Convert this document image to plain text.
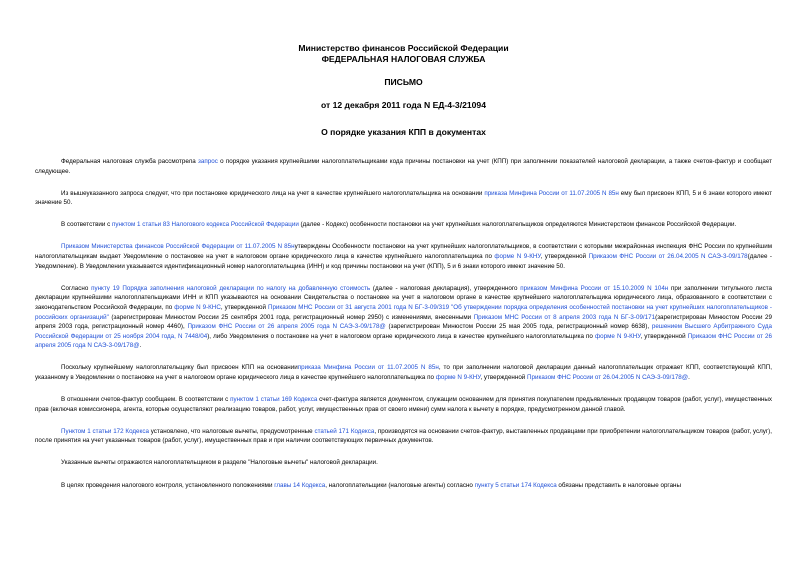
Министерство финансов Российской Федерации
ФЕДЕРАЛЬНАЯ НАЛОГОВАЯ СЛУЖБА
ПИСЬМО
от 12 декабря 2011 года N ЕД-4-3/21094
О порядке указания КПП в документах

Федеральная налоговая служба рассмотрела запрос о порядке указания крупнейшими налогоплательщиками кода причины постановки на учет (КПП) при заполнении показателей налоговой декларации, а также счетов-фактур и сообщает следующее.

Из вышеуказанного запроса следует, что при постановке юридического лица на учет в качестве крупнейшего налогоплательщика на основании приказа Минфина России от 11.07.2005 N 85н ему был присвоен КПП, 5 и 6 знаки которого имеют значение 50.

В соответствии с пунктом 1 статьи 83 Налогового кодекса Российской Федерации (далее - Кодекс) особенности постановки на учет крупнейших налогоплательщиков определяются Министерством финансов Российской Федерации.

Приказом Министерства финансов Российской Федерации от 11.07.2005 N 85нутверждены Особенности постановки на учет крупнейших налогоплательщиков, в соответствии с которыми межрайонная инспекция ФНС России по крупнейшим налогоплательщикам выдает Уведомление о постановке на учет в налоговом органе юридического лица в качестве крупнейшего налогоплательщика по форме N 9-КНУ, утвержденной Приказом ФНС России от 26.04.2005 N САЭ-3-09/178(далее - Уведомление). В Уведомлении указывается идентификационный номер налогоплательщика (ИНН) и код причины постановки на учет (КПП), 5 и 6 знаки которого имеют значение 50.

Согласно пункту 19 Порядка заполнения налоговой декларации по налогу на добавленную стоимость (далее - налоговая декларация), утвержденного приказом Минфина России от 15.10.2009 N 104н при заполнении титульного листа декларации крупнейшими налогоплательщиками ИНН и КПП указываются на основании Свидетельства о постановке на учет в налоговом органе в качестве крупнейшего налогоплательщика юридического лица, образованного в соответствии с законодательством Российской Федерации, по форме N 9-КНС, утвержденной Приказом МНС России от 31 августа 2001 года N БГ-3-09/319 "Об утверждении порядка определения особенностей постановки на учет крупнейших налогоплательщиков - российских организаций" (зарегистрирован Минюстом России 25 сентября 2001 года, регистрационный номер 2950) с изменениями, внесенными Приказом МНС России от 8 апреля 2003 года N БГ-3-09/171(зарегистрирован Минюстом России 29 апреля 2003 года, регистрационный номер 4460), Приказом ФНС России от 26 апреля 2005 года N САЭ-3-09/178@ (зарегистрирован Минюстом России 25 мая 2005 года, регистрационный номер 6638), решением Высшего Арбитражного Суда Российской Федерации от 25 ноября 2004 года, N 7448/04), либо Уведомления о постановке на учет в налоговом органе юридического лица в качестве крупнейшего налогоплательщика по форме N 9-КНУ, утвержденной Приказом ФНС России от 26 апреля 2005 года N САЭ-3-09/178@.

Поскольку крупнейшему налогоплательщику был присвоен КПП на основанииприказа Минфина России от 11.07.2005 N 85н, то при заполнении налоговой декларации данный налогоплательщик отражает КПП, соответствующий КПП, указанному в Уведомлении о постановке на учет в налоговом органе юридического лица в качестве крупнейшего налогоплательщика по форме N 9-КНУ, утвержденной Приказом ФНС России от 26.04.2005 N САЭ-3-09/178@.

В отношении счетов-фактур сообщаем. В соответствии с пунктом 1 статьи 169 Кодекса счет-фактура является документом, служащим основанием для принятия покупателем предъявленных продавцом товаров (работ, услуг), имущественных прав (включая комиссионера, агента, которые осуществляют реализацию товаров, работ, услуг, имущественных прав от своего имени) сумм налога к вычету в порядке, предусмотренном данной главой.

Пунктом 1 статьи 172 Кодекса установлено, что налоговые вычеты, предусмотренные статьей 171 Кодекса, производятся на основании счетов-фактур, выставленных продавцами при приобретении налогоплательщиком товаров (работ, услуг), после принятия на учет указанных товаров (работ, услуг), имущественных прав и при наличии соответствующих первичных документов.

Указанные вычеты отражаются налогоплательщиком в разделе "Налоговые вычеты" налоговой декларации.

В целях проведения налогового контроля, установленного положениями главы 14 Кодекса, налогоплательщики (налоговые агенты) согласно пункту 5 статьи 174 Кодекса обязаны представить в налоговые органы
